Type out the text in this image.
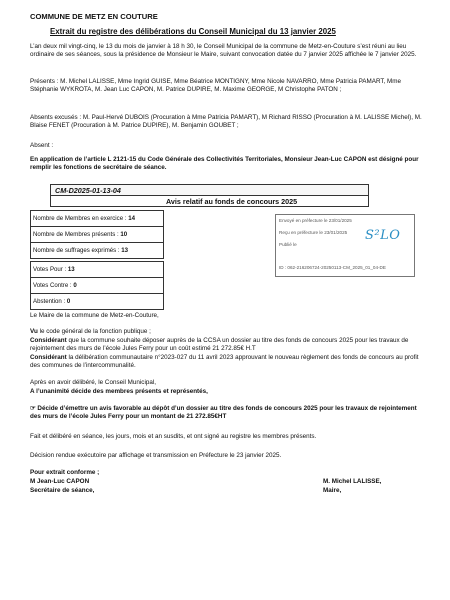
COMMUNE DE METZ EN COUTURE
Extrait du registre des délibérations du Conseil Municipal du 13 janvier 2025

L’an deux mil vingt-cinq, le 13 du mois de janvier à 18 h 30, le Conseil Municipal de la commune de Metz-en-Couture s’est réuni au lieu ordinaire de ses séances, sous la présidence de Monsieur le Maire, suivant convocation datée du 7 janvier 2025 affichée le 7 janvier 2025.

Présents : M. Michel LALISSE, Mme Ingrid GUISE, Mme Béatrice MONTIGNY, Mme Nicole NAVARRO, Mme Patricia PAMART, Mme Stéphanie WYKROTA, M. Jean Luc CAPON, M. Patrice DUPIRE, M. Maxime GEORGE, M Christophe PATON ;

Absents excusés : M. Paul-Hervé DUBOIS (Procuration à Mme Patricia PAMART), M Richard RISSO (Procuration à M. LALISSE Michel), M. Blaise FENET (Procuration à M. Patrice DUPIRE), M. Benjamin GOUBET ;

Absent :

En application de l’article L 2121-15 du Code Générale des Collectivités Territoriales, Monsieur Jean-Luc CAPON est désigné pour remplir les fonctions de secrétaire de séance.

CM-D2025-01-13-04
Avis relatif au fonds de concours 2025
Nombre de Membres en exercice : 14
Nombre de Membres présents : 10
Nombre de suffrages exprimés : 13

Votes Pour : 13
Votes Contre : 0
Abstention : 0
Envoyé en préfecture le 23/01/2025
Reçu en préfecture le 23/01/2025
Publié le
ID : 062-216206724-20250113-CM_2025_01_04-DE
S²LO

Le Maire de la commune de Metz-en-Couture,

Vu le code général de la fonction publique ;

Considérant que la commune souhaite déposer auprès de la CCSA un dossier au titre des fonds de concours 2025 pour les travaux de rejointement des murs de l’école Jules Ferry pour un coût estimé 21 272.85€ H.T

Considérant la délibération communautaire n°2023-027 du 11 avril 2023 approuvant le nouveau règlement des fonds de concours au profit des communes de l’intercommunalité.

Après en avoir délibéré, le Conseil Municipal,

A l’unanimité décide des membres présents et représentés,

☞ Décide d’émettre un avis favorable au dépôt d’un dossier au titre des fonds de concours 2025 pour les travaux de rejointement des murs de l’école Jules Ferry pour un montant de 21 272.85€HT

Fait et délibéré en séance, les jours, mois et an susdits, et ont signé au registre les membres présents.

Décision rendue exécutoire par affichage et transmission en Préfecture le 23 janvier 2025.

Pour extrait conforme ;
M Jean-Luc CAPON
Secrétaire de séance,
M. Michel LALISSE,
Maire,
